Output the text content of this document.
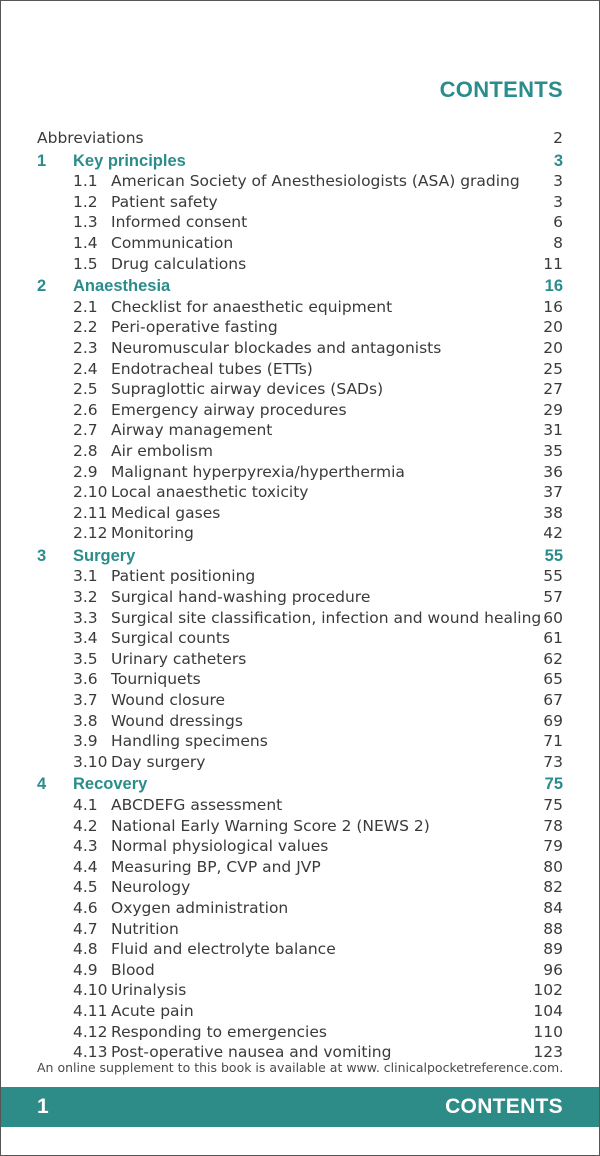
CONTENTS
Abbreviations	2
1 Key principles	3
1.1 American Society of Anesthesiologists (ASA) grading 3
1.2 Patient safety	3
1.3 Informed consent	6
1.4 Communication	8
1.5 Drug calculations	11
2 Anaesthesia	16
2.1 Checklist for anaesthetic equipment	16
2.2 Peri-operative fasting	20
2.3 Neuromuscular blockades and antagonists	20
2.4 Endotracheal tubes (ETTs)	25
2.5 Supraglottic airway devices (SADs)	27
2.6 Emergency airway procedures	29
2.7 Airway management	31
2.8 Air embolism	35
2.9 Malignant hyperpyrexia/hyperthermia	36
2.10 Local anaesthetic toxicity	37
2.11 Medical gases	38
2.12 Monitoring	42
3 Surgery	55
3.1 Patient positioning	55
3.2 Surgical hand-washing procedure	57
3.3 Surgical site classification, infection and wound healing 60
3.4 Surgical counts	61
3.5 Urinary catheters	62
3.6 Tourniquets	65
3.7 Wound closure	67
3.8 Wound dressings	69
3.9 Handling specimens	71
3.10 Day surgery	73
4 Recovery	75
4.1 ABCDEFG assessment	75
4.2 National Early Warning Score 2 (NEWS 2)	78
4.3 Normal physiological values	79
4.4 Measuring BP, CVP and JVP	80
4.5 Neurology	82
4.6 Oxygen administration	84
4.7 Nutrition	88
4.8 Fluid and electrolyte balance	89
4.9 Blood	96
4.10 Urinalysis	102
4.11 Acute pain	104
4.12 Responding to emergencies	110
4.13 Post-operative nausea and vomiting	123
An online supplement to this book is available at www. clinicalpocketreference.com.
1	CONTENTS
